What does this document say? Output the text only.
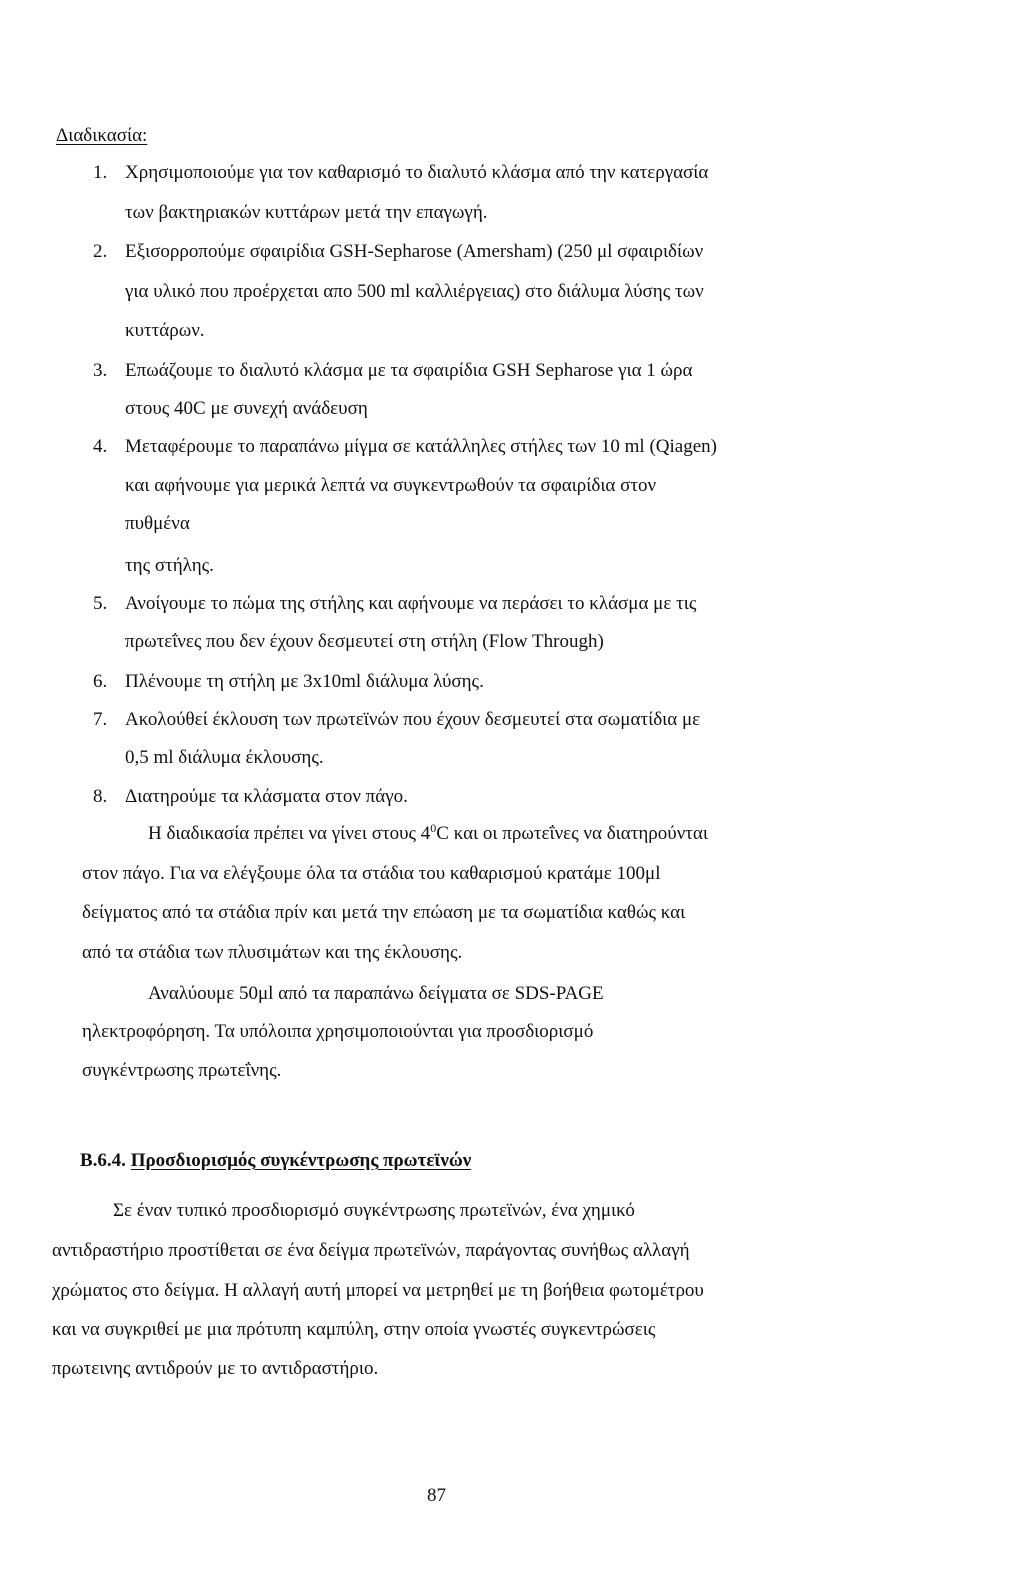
Διαδικασία:
1. Χρησιμοποιούμε για τον καθαρισμό το διαλυτό κλάσμα από την κατεργασία
των βακτηριακών κυττάρων μετά την επαγωγή.
2. Εξισορροπούμε σφαιρίδια GSH-Sepharose (Amersham) (250 μl σφαιριδίων
για υλικό που προέρχεται απο 500 ml καλλιέργειας) στο διάλυμα λύσης των
κυττάρων.
3. Επωάζουμε το διαλυτό κλάσμα με τα σφαιρίδια GSH Sepharose για 1 ώρα
στους 40C με συνεχή ανάδευση
4. Μεταφέρουμε το παραπάνω μίγμα σε κατάλληλες στήλες των 10 ml (Qiagen)
και αφήνουμε για μερικά λεπτά να συγκεντρωθούν τα σφαιρίδια στον
πυθμένα
της στήλης.
5. Ανοίγουμε το πώμα της στήλης και αφήνουμε να περάσει το κλάσμα με τις
πρωτεΐνες που δεν έχουν δεσμευτεί στη στήλη (Flow Through)
6. Πλένουμε τη στήλη με 3x10ml διάλυμα λύσης.
7. Ακολούθεί έκλουση των πρωτεϊνών που έχουν δεσμευτεί στα σωματίδια με
0,5 ml διάλυμα έκλουσης.
8. Διατηρούμε τα κλάσματα στον πάγο.
Η διαδικασία πρέπει να γίνει στους $4^0C$ και οι πρωτεΐνες να διατηρούνται
στον πάγο. Για να ελέγξουμε όλα τα στάδια του καθαρισμού κρατάμε 100μl
δείγματος από τα στάδια πρίν και μετά την επώαση με τα σωματίδια καθώς και
από τα στάδια των πλυσιμάτων και της έκλουσης.
Αναλύουμε 50μl από τα παραπάνω δείγματα σε SDS-PAGE
ηλεκτροφόρηση. Τα υπόλοιπα χρησιμοποιούνται για προσδιορισμό
συγκέντρωσης πρωτεΐνης.
Β.6.4. Προσδιορισμός συγκέντρωσης πρωτεϊνών
Σε έναν τυπικό προσδιορισμό συγκέντρωσης πρωτεϊνών, ένα χημικό
αντιδραστήριο προστίθεται σε ένα δείγμα πρωτεϊνών, παράγοντας συνήθως αλλαγή
χρώματος στο δείγμα. Η αλλαγή αυτή μπορεί να μετρηθεί με τη βοήθεια φωτομέτρου
και να συγκριθεί με μια πρότυπη καμπύλη, στην οποία γνωστές συγκεντρώσεις
πρωτεινης αντιδρούν με το αντιδραστήριο.
87
